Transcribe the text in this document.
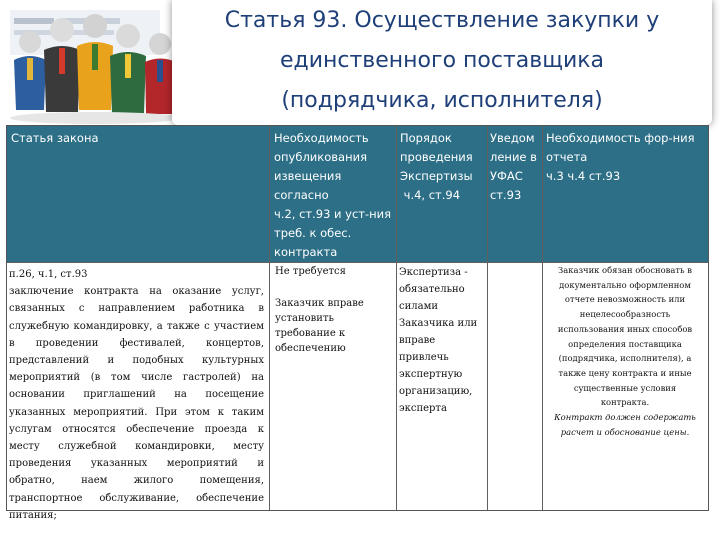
Статья 93. Осуществление закупки у
единственного поставщика
(подрядчика, исполнителя)
Статья закона	Необходимость
опубликования
извещения
согласно
ч.2, ст.93 и уст-ния
треб. к обес.
контракта
Порядок
проведения
Экспертизы
ч.4, ст.94
Уведом
ление в
УФАС
ст.93
Необходимость фор-ния
отчета
ч.3 ч.4 ст.93

п.26, ч.1, ст.93

заключение контракта на оказание услуг,

связанных с направлением работника в

служебную командировку, а также с участием

в проведении фестивалей, концертов,

представлений и подобных культурных

мероприятий (в том числе гастролей) на

основании приглашений на посещение

указанных мероприятий. При этом к таким

услугам относятся обеспечение проезда к

месту служебной командировки, месту

проведения указанных мероприятий и

обратно, наем жилого помещения,

транспортное обслуживание, обеспечение

питания;

Не требуется
Заказчик вправе
установить
требование к
обеспечению
Экспертиза -
обязательно
силами
Заказчика или
вправе
привлечь
экспертную
организацию,
эксперта
Заказчик обязан обосновать в
документально оформленном
отчете невозможность или
нецелесообразность
использования иных способов
определения поставщика
(подрядчика, исполнителя), а
также цену контракта и иные
существенные условия
контракта.
Контракт должен содержать
расчет и обоснование цены.
